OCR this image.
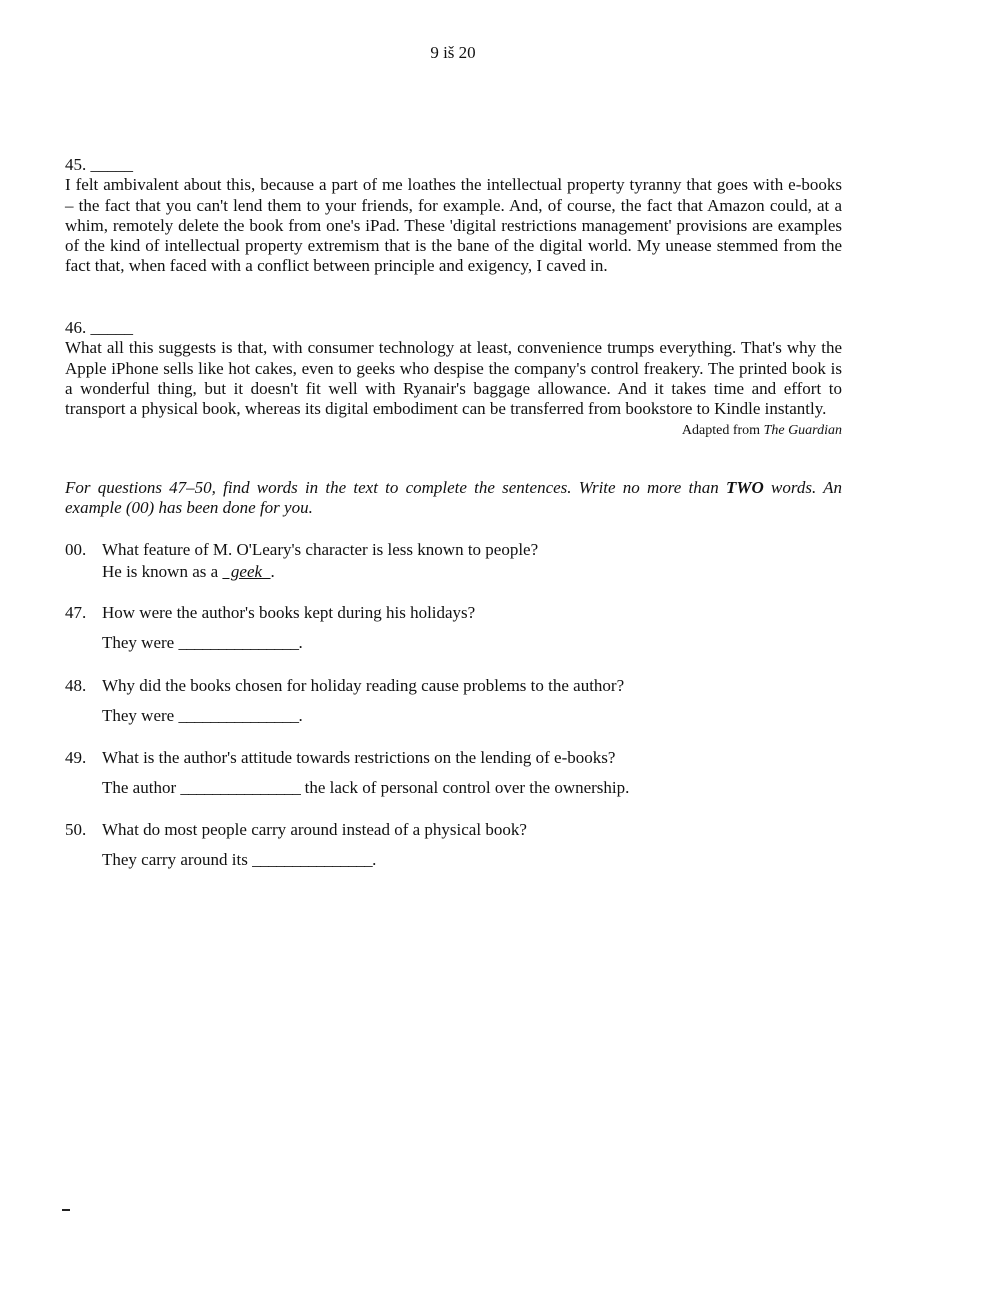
9 iš 20

45. _____

I felt ambivalent about this, because a part of me loathes the intellectual property tyranny that goes with e-books – the fact that you can't lend them to your friends, for example. And, of course, the fact that Amazon could, at a whim, remotely delete the book from one's iPad. These 'digital restrictions management' provisions are examples of the kind of intellectual property extremism that is the bane of the digital world. My unease stemmed from the fact that, when faced with a conflict between principle and exigency, I caved in.

46. _____

What all this suggests is that, with consumer technology at least, convenience trumps everything. That's why the Apple iPhone sells like hot cakes, even to geeks who despise the company's control freakery. The printed book is a wonderful thing, but it doesn't fit well with Ryanair's baggage allowance. And it takes time and effort to transport a physical book, whereas its digital embodiment can be transferred from bookstore to Kindle instantly.

Adapted from The Guardian

For questions 47–50, find words in the text to complete the sentences. Write no more than TWO words. An example (00) has been done for you.

00. What feature of M. O'Leary's character is less known to people?
He is known as a   geek  .
47. How were the author's books kept during his holidays?
They were _______________.
48. Why did the books chosen for holiday reading cause problems to the author?
They were _______________.
49. What is the author's attitude towards restrictions on the lending of e-books?
The author _______________ the lack of personal control over the ownership.
50. What do most people carry around instead of a physical book?
They carry around its _______________.
